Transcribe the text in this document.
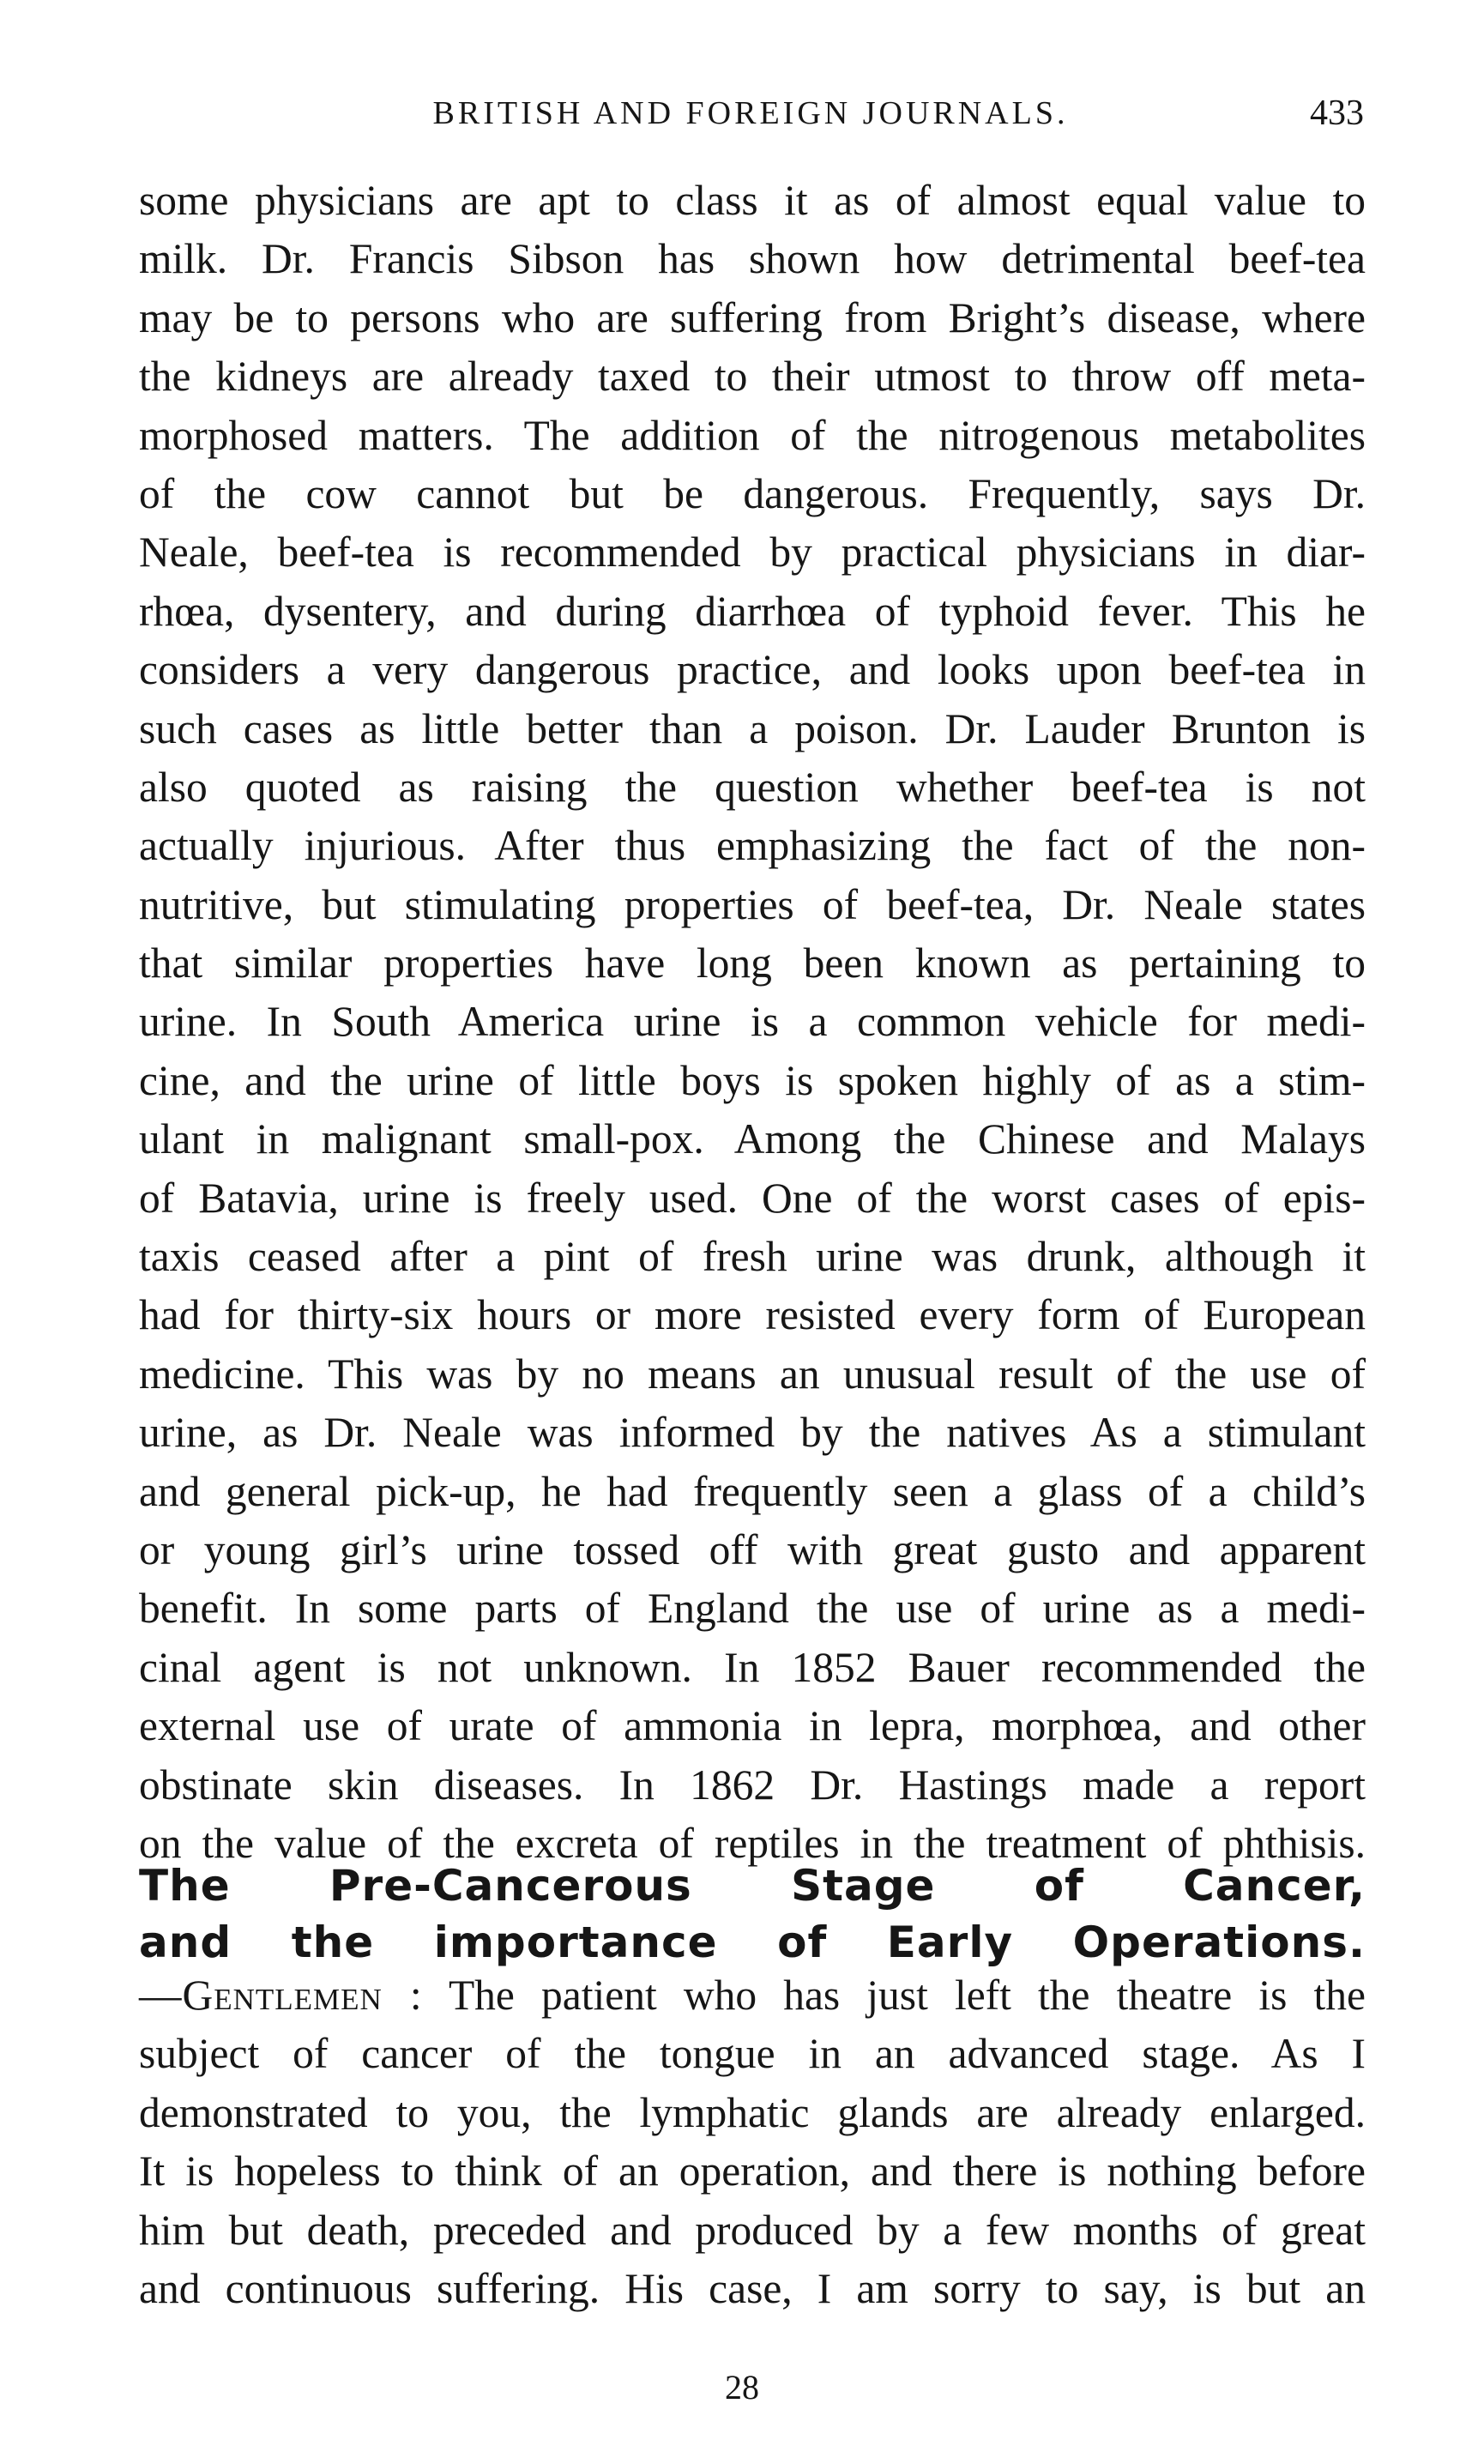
BRITISH AND FOREIGN JOURNALS.	433
some physicians are apt to class it as of almost equal value to
milk. Dr. Francis Sibson has shown how detrimental beef-tea
may be to persons who are suffering from Bright’s disease, where
the kidneys are already taxed to their utmost to throw off meta-
morphosed matters. The addition of the nitrogenous metabolites
of the cow cannot but be dangerous. Frequently, says Dr.
Neale, beef-tea is recommended by practical physicians in diar-
rhœa, dysentery, and during diarrhœa of typhoid fever. This he
considers a very dangerous practice, and looks upon beef-tea in
such cases as little better than a poison. Dr. Lauder Brunton is
also quoted as raising the question whether beef-tea is not
actually injurious. After thus emphasizing the fact of the non-
nutritive, but stimulating properties of beef-tea, Dr. Neale states
that similar properties have long been known as pertaining to
urine. In South America urine is a common vehicle for medi-
cine, and the urine of little boys is spoken highly of as a stim-
ulant in malignant small-pox. Among the Chinese and Malays
of Batavia, urine is freely used. One of the worst cases of epis-
taxis ceased after a pint of fresh urine was drunk, although it
had for thirty-six hours or more resisted every form of European
medicine. This was by no means an unusual result of the use of
urine, as Dr. Neale was informed by the natives As a stimulant
and general pick-up, he had frequently seen a glass of a child’s
or young girl’s urine tossed off with great gusto and apparent
benefit. In some parts of England the use of urine as a medi-
cinal agent is not unknown. In 1852 Bauer recommended the
external use of urate of ammonia in lepra, morphœa, and other
obstinate skin diseases. In 1862 Dr. Hastings made a report
on the value of the excreta of reptiles in the treatment of phthisis.
The Pre-Cancerous Stage of Cancer,
and the importance of Early Operations.
—Gentlemen : The patient who has just left the theatre is the
subject of cancer of the tongue in an advanced stage. As I
demonstrated to you, the lymphatic glands are already enlarged.
It is hopeless to think of an operation, and there is nothing before
him but death, preceded and produced by a few months of great
and continuous suffering. His case, I am sorry to say, is but an
28
